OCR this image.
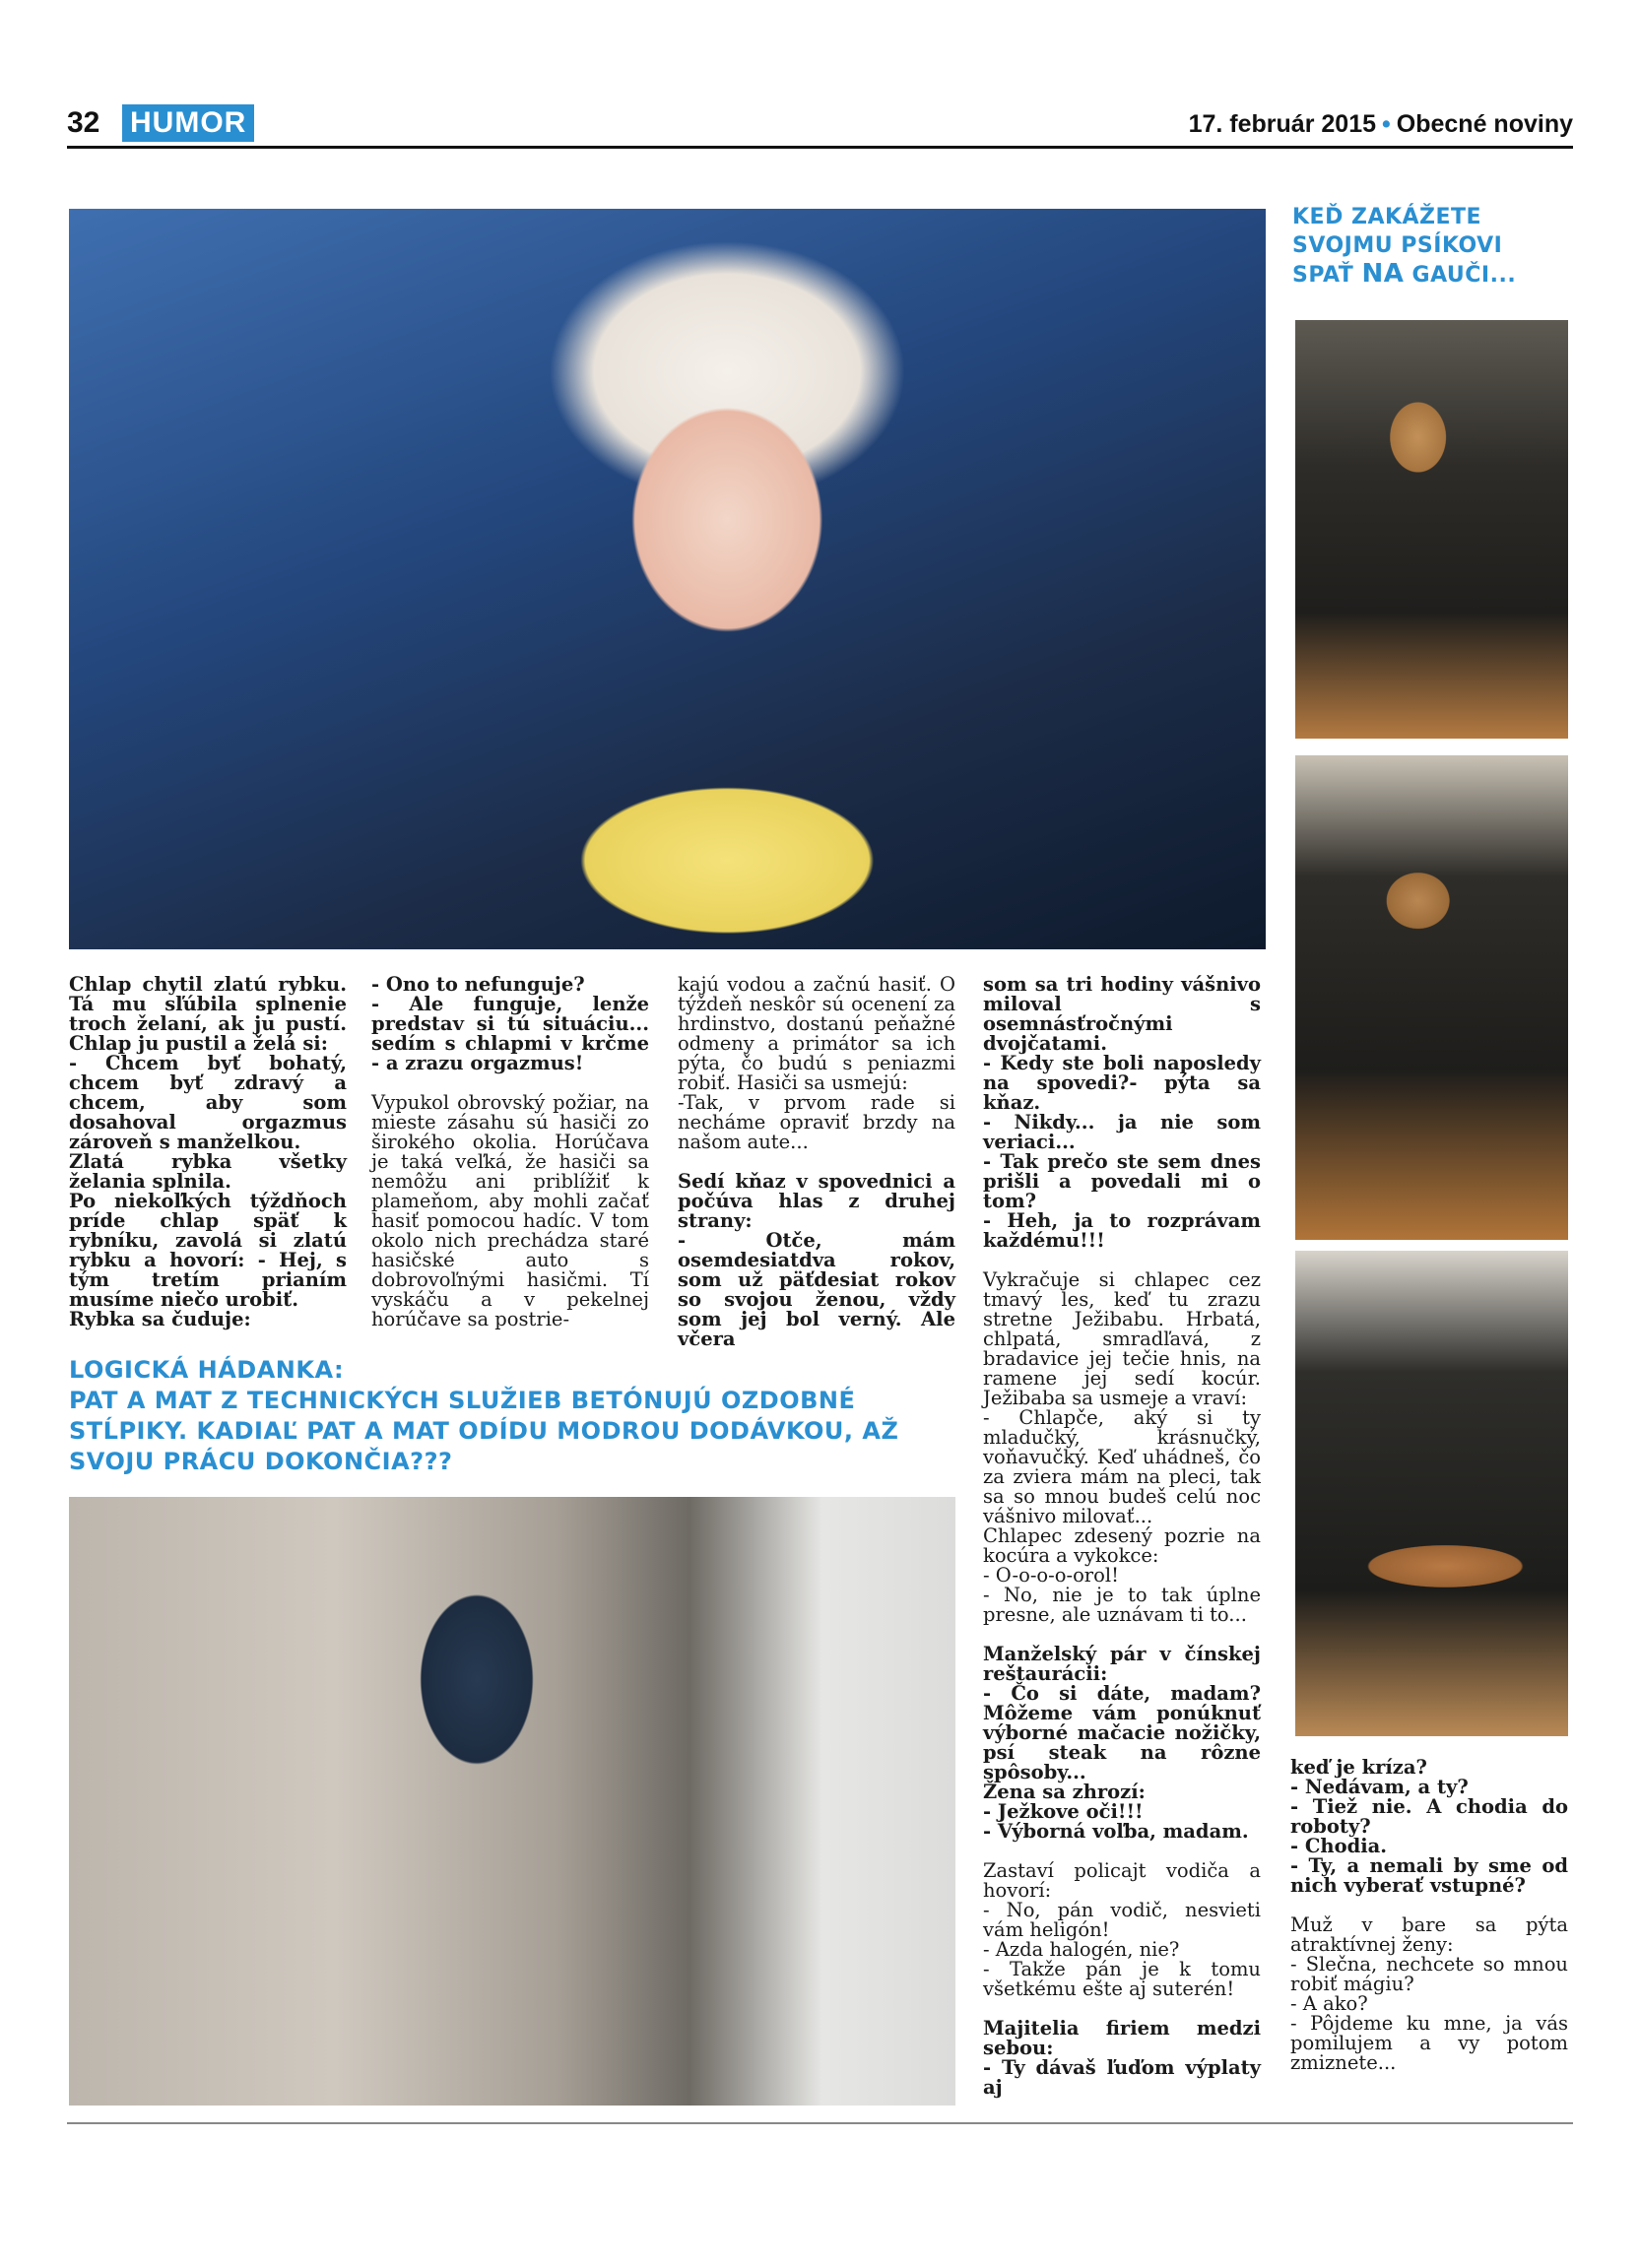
32 HUMOR	17. február 2015 • Obecné noviny
KEĎ ZAKÁŽETE
SVOJMU PSÍKOVI
SPAŤ NA GAUČI...

Chlap chytil zlatú rybku. Tá mu sľúbila splnenie troch želaní, ak ju pustí. Chlap ju pustil a želá si:

- Chcem byť bohatý, chcem byť zdravý a chcem, aby som dosahoval orgazmus zároveň s manželkou.

Zlatá rybka všetky želania splnila.

Po niekoľkých týždňoch príde chlap späť k rybníku, zavolá si zlatú rybku a hovorí: - Hej, s tým tretím prianím musíme niečo urobiť.

Rybka sa čuduje:

- Ono to nefunguje?

- Ale funguje, lenže predstav si tú situáciu... sedím s chlapmi v krčme - a zrazu orgazmus!

Vypukol obrovský požiar, na mieste zásahu sú hasiči zo širokého okolia. Horúčava je taká veľká, že hasiči sa nemôžu ani priblížiť k plameňom, aby mohli začať hasiť pomocou hadíc. V tom okolo nich prechádza staré hasičské auto s dobrovoľnými hasičmi. Tí vyskáču a v pekelnej horúčave sa postrie-

kajú vodou a začnú hasiť. O týždeň neskôr sú ocenení za hrdinstvo, dostanú peňažné odmeny a primátor sa ich pýta, čo budú s peniazmi robiť. Hasiči sa usmejú:

-Tak, v prvom rade si necháme opraviť brzdy na našom aute...

Sedí kňaz v spovednici a počúva hlas z druhej strany:

- Otče, mám osemdesiatdva rokov, som už päťdesiat rokov so svojou ženou, vždy som jej bol verný. Ale včera

som sa tri hodiny vášnivo miloval s osemnásťročnými dvojčatami.

- Kedy ste boli naposledy na spovedi?- pýta sa kňaz.

- Nikdy... ja nie som veriaci...

- Tak prečo ste sem dnes prišli a povedali mi o tom?

- Heh, ja to rozprávam každému!!!

Vykračuje si chlapec cez tmavý les, keď tu zrazu stretne Ježibabu. Hrbatá, chlpatá, smradľavá, z bradavice jej tečie hnis, na ramene jej sedí kocúr. Ježibaba sa usmeje a vraví:

- Chlapče, aký si ty mladučký, krásnučký, voňavučký. Keď uhádneš, čo za zviera mám na pleci, tak sa so mnou budeš celú noc vášnivo milovať...

Chlapec zdesený pozrie na kocúra a vykokce:

- O-o-o-o-orol!

- No, nie je to tak úplne presne, ale uznávam ti to...

Manželský pár v čínskej reštaurácii:

- Čo si dáte, madam? Môžeme vám ponúknuť výborné mačacie nožičky, psí steak na rôzne spôsoby...

Žena sa zhrozí:

- Ježkove oči!!!

- Výborná voľba, madam.

Zastaví policajt vodiča a hovorí:

- No, pán vodič, nesvieti vám heligón!

- Azda halogén, nie?

- Takže pán je k tomu všetkému ešte aj suterén!

Majitelia firiem medzi sebou:

- Ty dávaš ľuďom výplaty aj

keď je kríza?

- Nedávam, a ty?

- Tiež nie. A chodia do roboty?

- Chodia.

- Ty, a nemali by sme od nich vyberať vstupné?

Muž v bare sa pýta atraktívnej ženy:

- Slečna, nechcete so mnou robiť mágiu?

- A ako?

- Pôjdeme ku mne, ja vás pomilujem a vy potom zmiznete...

LOGICKÁ HÁDANKA:
PAT A MAT Z TECHNICKÝCH SLUŽIEB BETÓNUJÚ OZDOBNÉ
STĹPIKY. KADIAĽ PAT A MAT ODÍDU MODROU DODÁVKOU, AŽ
SVOJU PRÁCU DOKONČIA???
